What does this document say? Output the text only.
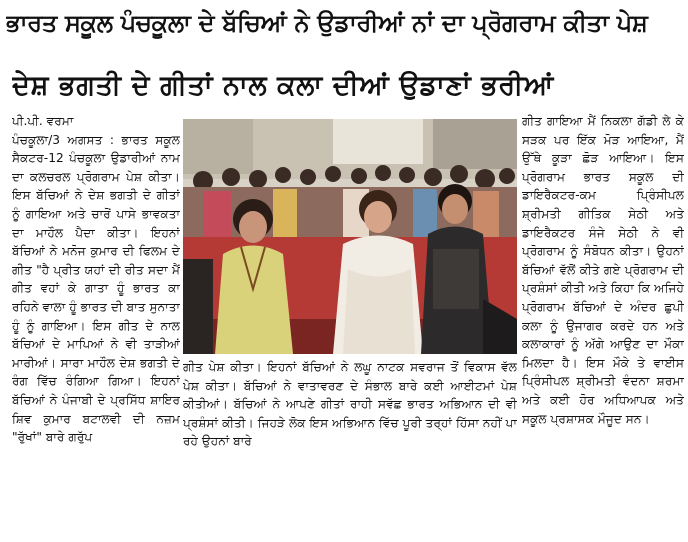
ਭਾਰਤ ਸਕੂਲ ਪੰਚਕੂਲਾ ਦੇ ਬੱਚਿਆਂ ਨੇ ਉਡਾਰੀਆਂ ਨਾਂ ਦਾ ਪ੍ਰੋਗਰਾਮ ਕੀਤਾ ਪੇਸ਼
ਦੇਸ਼ ਭਗਤੀ ਦੇ ਗੀਤਾਂ ਨਾਲ ਕਲਾ ਦੀਆਂ ਉਡਾਣਾਂ ਭਰੀਆਂ

ਪੀ.ਪੀ. ਵਰਮਾ

ਪੰਚਕੂਲਾ/3 ਅਗਸਤ : ਭਾਰਤ ਸਕੂਲ ਸੈਕਟਰ-12 ਪੰਚਕੂਲਾ ਉਡਾਰੀਆਂ ਨਾਮ ਦਾ ਕਲਚਰਲ ਪ੍ਰੋਗਰਾਮ ਪੇਸ਼ ਕੀਤਾ। ਇਸ ਬੱਚਿਆਂ ਨੇ ਦੇਸ਼ ਭਗਤੀ ਦੇ ਗੀਤਾਂ ਨੂੰ ਗਾਇਆ ਅਤੇ ਚਾਰੋਂ ਪਾਸੇ ਭਾਵਕਤਾ ਦਾ ਮਾਹੌਲ ਪੈਦਾ ਕੀਤਾ। ਇਹਨਾਂ ਬੱਚਿਆਂ ਨੇ ਮਨੋਜ ਕੁਮਾਰ ਦੀ ਫਿਲਮ ਦੇ ਗੀਤ "ਹੈ ਪ੍ਰੀਤ ਯਹਾਂ ਦੀ ਰੀਤ ਸਦਾ ਮੈਂ ਗੀਤ ਵਹਾਂ ਕੇ ਗਾਤਾ ਹੂੰ ਭਾਰਤ ਕਾ ਰਹਿਨੇ ਵਾਲਾ ਹੂੰ ਭਾਰਤ ਦੀ ਬਾਤ ਸੁਨਾਤਾ ਹੂੰ ਨੂੰ ਗਾਇਆ। ਇਸ ਗੀਤ ਦੇ ਨਾਲ ਬੱਚਿਆਂ ਦੇ ਮਾਪਿਆਂ ਨੇ ਵੀ ਤਾੜੀਆਂ ਮਾਰੀਆਂ। ਸਾਰਾ ਮਾਹੌਲ ਦੇਸ਼ ਭਗਤੀ ਦੇ ਰੰਗ ਵਿੱਚ ਰੰਗਿਆ ਗਿਆ। ਇਹਨਾਂ ਬੱਚਿਆਂ ਨੇ ਪੰਜਾਬੀ ਦੇ ਪ੍ਰਸਿੱਧ ਸ਼ਾਇਰ ਸ਼ਿਵ ਕੁਮਾਰ ਬਟਾਲਵੀ ਦੀ ਨਜ਼ਮ "ਰੁੱਖਾਂ" ਬਾਰੇ ਗਰੁੱਪ

ਗੀਤ ਪੇਸ਼ ਕੀਤਾ। ਇਹਨਾਂ ਬੱਚਿਆਂ ਨੇ ਲਘੂ ਨਾਟਕ ਸਵਰਾਜ ਤੋਂ ਵਿਕਾਸ ਵੱਲ ਪੇਸ਼ ਕੀਤਾ। ਬੱਚਿਆਂ ਨੇ ਵਾਤਾਵਰਣ ਦੇ ਸੰਭਾਲ ਬਾਰੇ ਕਈ ਆਈਟਮਾਂ ਪੇਸ਼ ਕੀਤੀਆਂ। ਬੱਚਿਆਂ ਨੇ ਆਪਣੇ ਗੀਤਾਂ ਰਾਹੀ ਸਵੱਛ ਭਾਰਤ ਅਭਿਆਨ ਦੀ ਵੀ ਪ੍ਰਸ਼ੰਸਾਂ ਕੀਤੀ। ਜਿਹੜੇ ਲੋਕ ਇਸ ਅਭਿਆਨ ਵਿੱਚ ਪੂਰੀ ਤਰ੍ਹਾਂ ਹਿੱਸਾ ਨਹੀਂ ਪਾ ਰਹੇ ਉਹਨਾਂ ਬਾਰੇ

ਗੀਤ ਗਾਇਆ ਮੈਂ ਨਿਕਲਾ ਗੱਡੀ ਲੇ ਕੇ ਸੜਕ ਪਰ ਇੱਕ ਮੋੜ ਆਇਆ, ਮੈਂ ਉੱਥੇ ਕੂੜਾ ਛੋੜ ਆਇਆ। ਇਸ ਪ੍ਰੋਗਰਾਮ ਭਾਰਤ ਸਕੂਲ ਦੀ ਡਾਇਰੈਕਟਰ-ਕਮ ਪ੍ਰਿੰਸੀਪਲ ਸ਼੍ਰੀਮਤੀ ਗੀਤਿਕ ਸੇਠੀ ਅਤੇ ਡਾਇਰੈਕਟਰ ਸੰਜੇ ਸੇਠੀ ਨੇ ਵੀ ਪ੍ਰੋਗਰਾਮ ਨੂੰ ਸੰਬੋਧਨ ਕੀਤਾ। ਉਹਨਾਂ ਬੱਚਿਆਂ ਵੱਲੋਂ ਕੀਤੇ ਗਏ ਪ੍ਰੋਗਰਾਮ ਦੀ ਪ੍ਰਸ਼ੰਸਾਂ ਕੀਤੀ ਅਤੇ ਕਿਹਾ ਕਿ ਅਜਿਹੇ ਪ੍ਰੋਗਰਾਮ ਬੱਚਿਆਂ ਦੇ ਅੰਦਰ ਛੁਪੀ ਕਲਾ ਨੂੰ ਉਜਾਗਰ ਕਰਦੇ ਹਨ ਅਤੇ ਕਲਾਕਾਰਾਂ ਨੂੰ ਅੱਗੇ ਆਉਣ ਦਾ ਮੌਕਾ ਮਿਲਦਾ ਹੈ। ਇਸ ਮੌਕੇ ਤੇ ਵਾਈਸ ਪ੍ਰਿੰਸੀਪਲ ਸ਼੍ਰੀਮਤੀ ਵੰਦਨਾ ਸ਼ਰਮਾ ਅਤੇ ਕਈ ਹੋਰ ਅਧਿਆਪਕ ਅਤੇ ਸਕੂਲ ਪ੍ਰਸ਼ਾਸਕ ਮੌਜੂਦ ਸਨ।
